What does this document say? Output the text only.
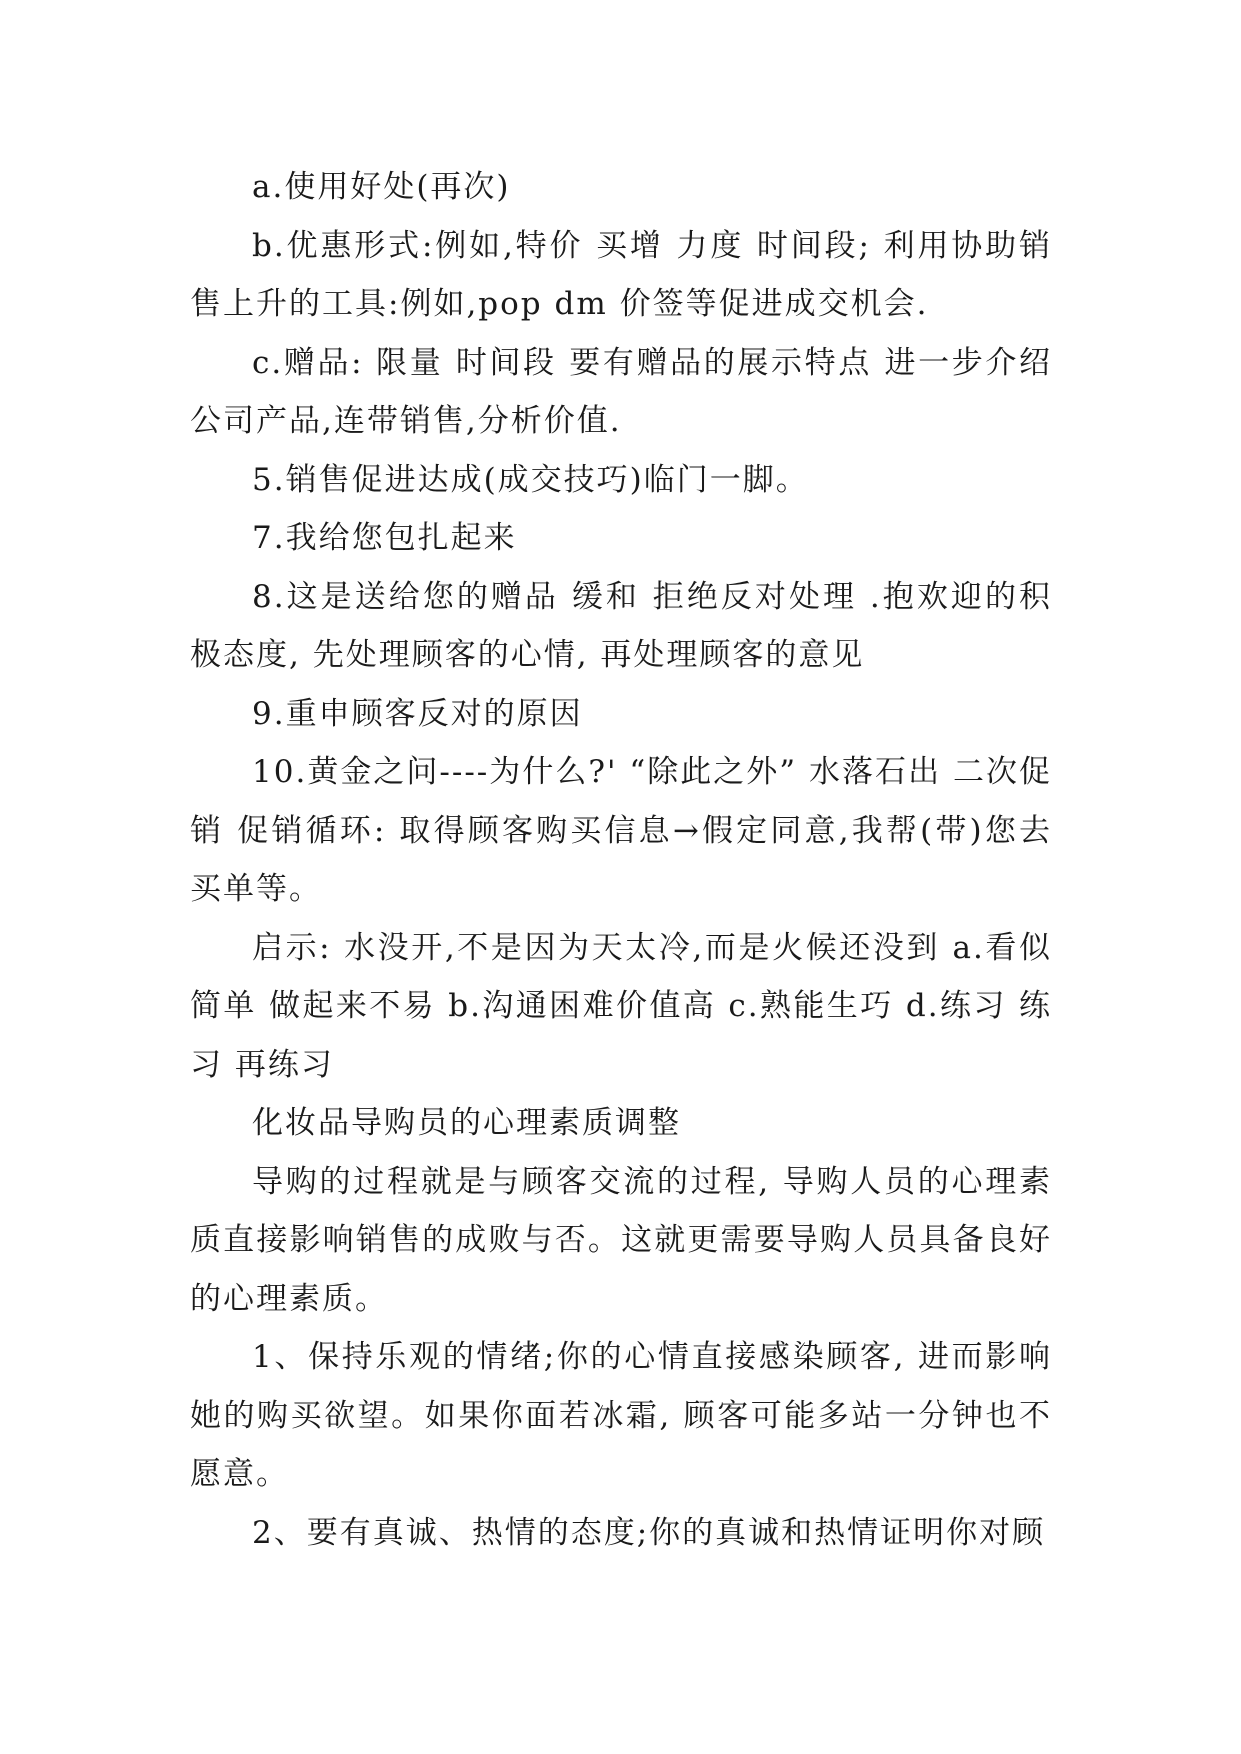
a.使用好处(再次)

b.优惠形式:例如,特价 买增 力度 时间段; 利用协助销售上升的工具:例如,pop dm 价签等促进成交机会.

c.赠品: 限量 时间段 要有赠品的展示特点 进一步介绍公司产品,连带销售,分析价值.

5.销售促进达成(成交技巧)临门一脚。

7.我给您包扎起来

8.这是送给您的赠品 缓和 拒绝反对处理 .抱欢迎的积极态度, 先处理顾客的心情, 再处理顾客的意见

9.重申顾客反对的原因

10.黄金之问----为什么?' “除此之外” 水落石出 二次促销 促销循环: 取得顾客购买信息→假定同意,我帮(带)您去买单等。

启示: 水没开,不是因为天太冷,而是火候还没到 a.看似简单 做起来不易 b.沟通困难价值高 c.熟能生巧 d.练习 练习 再练习

化妆品导购员的心理素质调整

导购的过程就是与顾客交流的过程, 导购人员的心理素质直接影响销售的成败与否。这就更需要导购人员具备良好的心理素质。

1、保持乐观的情绪;你的心情直接感染顾客, 进而影响她的购买欲望。如果你面若冰霜, 顾客可能多站一分钟也不愿意。

2、要有真诚、热情的态度;你的真诚和热情证明你对顾
